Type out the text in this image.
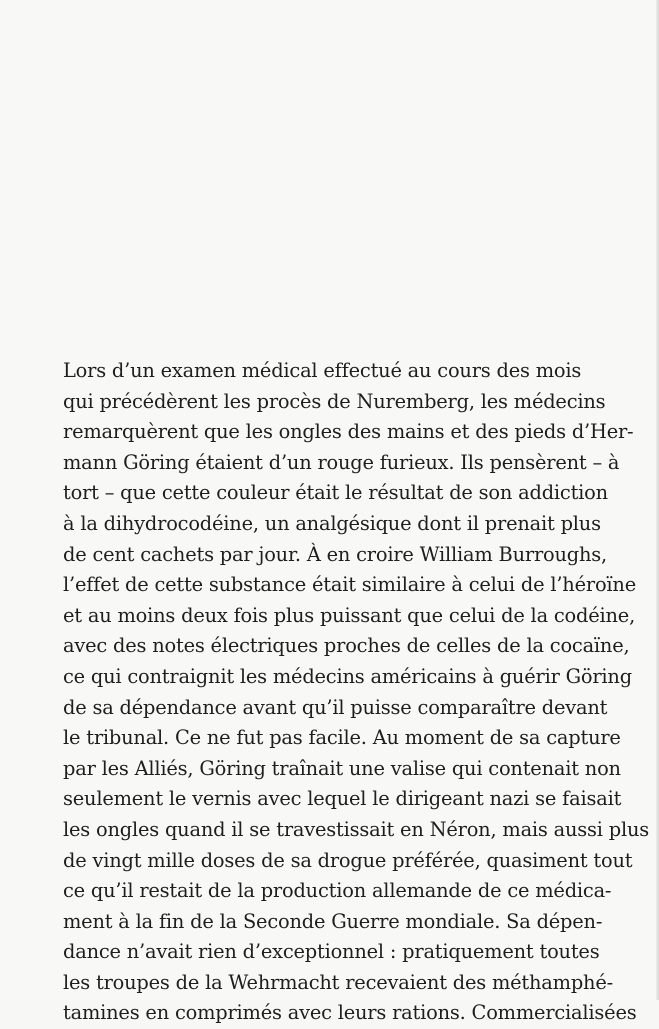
Lors d’un examen médical effectué au cours des mois
qui précédèrent les procès de Nuremberg, les médecins
remarquèrent que les ongles des mains et des pieds d’Her-
mann Göring étaient d’un rouge furieux. Ils pensèrent – à
tort – que cette couleur était le résultat de son addiction
à la dihydrocodéine, un analgésique dont il prenait plus
de cent cachets par jour. À en croire William Burroughs,
l’effet de cette substance était similaire à celui de l’héroïne
et au moins deux fois plus puissant que celui de la codéine,
avec des notes électriques proches de celles de la cocaïne,
ce qui contraignit les médecins américains à guérir Göring
de sa dépendance avant qu’il puisse comparaître devant
le tribunal. Ce ne fut pas facile. Au moment de sa capture
par les Alliés, Göring traînait une valise qui contenait non
seulement le vernis avec lequel le dirigeant nazi se faisait
les ongles quand il se travestissait en Néron, mais aussi plus
de vingt mille doses de sa drogue préférée, quasiment tout
ce qu’il restait de la production allemande de ce médica-
ment à la fin de la Seconde Guerre mondiale. Sa dépen-
dance n’avait rien d’exceptionnel : pratiquement toutes
les troupes de la Wehrmacht recevaient des méthamphé-
tamines en comprimés avec leurs rations. Commercialisées
